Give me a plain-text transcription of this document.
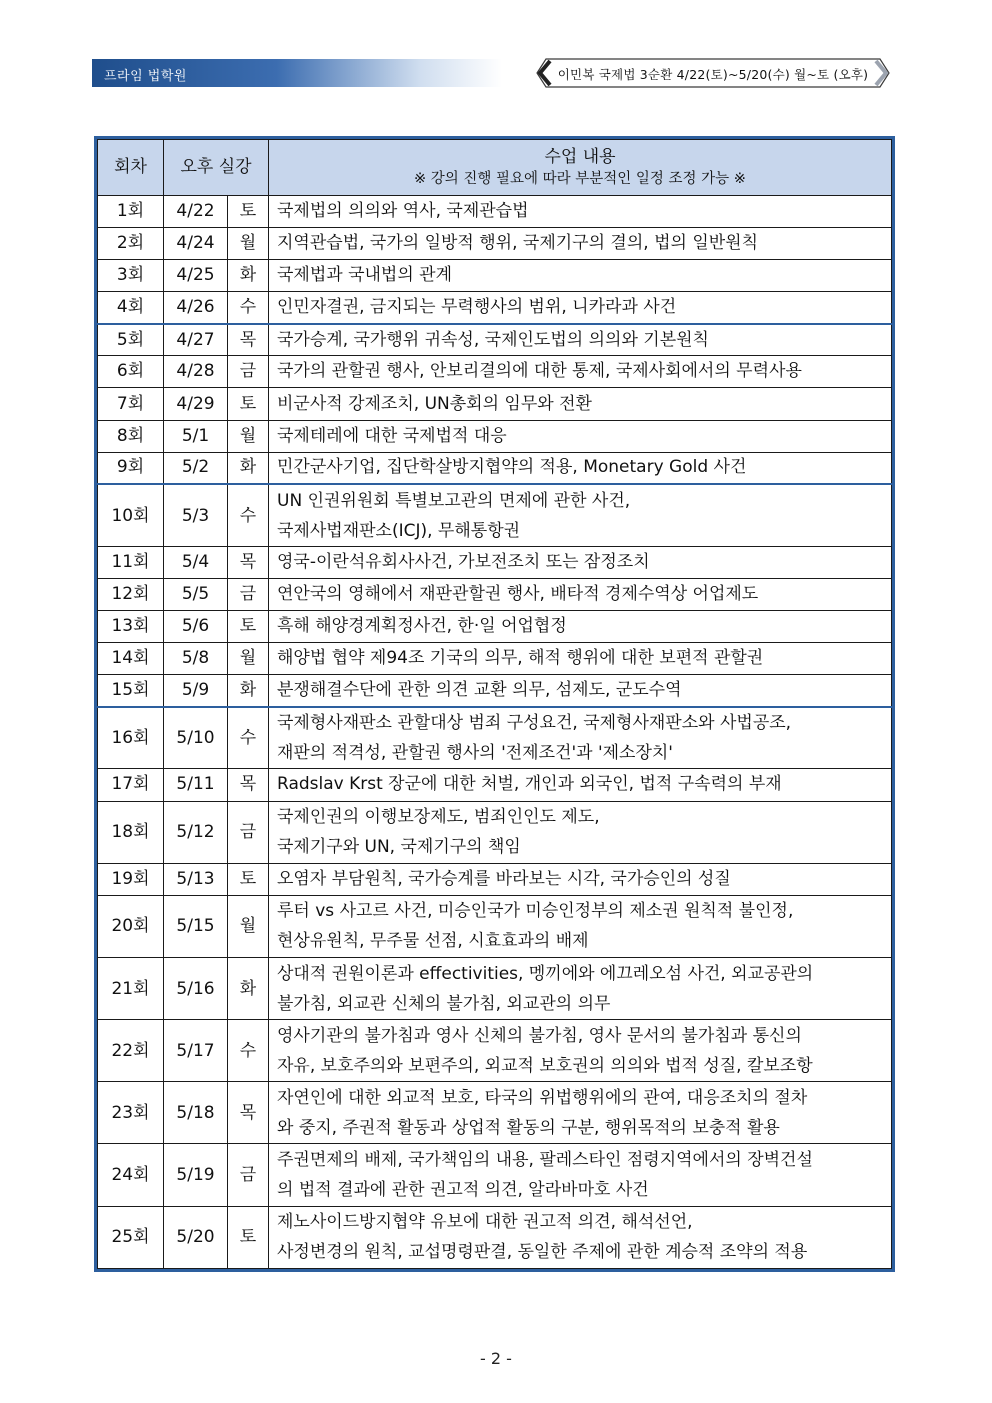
프라임 법학원	이민복 국제법 3순환 4/22(토)~5/20(수) 월~토 (오후)
회차	오후 실강		수업 내용
※ 강의 진행 필요에 따라 부분적인 일정 조정 가능 ※

1회	4/22	토	국제법의 의의와 역사, 국제관습법

2회	4/24	월	지역관습법, 국가의 일방적 행위, 국제기구의 결의, 법의 일반원칙

3회	4/25	화	국제법과 국내법의 관계

4회	4/26	수	인민자결권, 금지되는 무력행사의 범위, 니카라과 사건

5회	4/27	목	국가승계, 국가행위 귀속성, 국제인도법의 의의와 기본원칙

6회	4/28	금	국가의 관할권 행사, 안보리결의에 대한 통제, 국제사회에서의 무력사용

7회	4/29	토	비군사적 강제조치, UN총회의 임무와 전환

8회	5/1	월	국제테레에 대한 국제법적 대응

9회	5/2	화	민간군사기업, 집단학살방지협약의 적용, Monetary Gold 사건

10회	5/3	수	UN 인권위원회 특별보고관의 면제에 관한 사건,
국제사법재판소(ICJ), 무해통항권

11회	5/4	목	영국-이란석유회사사건, 가보전조치 또는 잠정조치

12회	5/5	금	연안국의 영해에서 재판관할권 행사, 배타적 경제수역상 어업제도

13회	5/6	토	흑해 해양경계획정사건, 한·일 어업협정

14회	5/8	월	해양법 협약 제94조 기국의 의무, 해적 행위에 대한 보편적 관할권

15회	5/9	화	분쟁해결수단에 관한 의견 교환 의무, 섬제도, 군도수역

16회	5/10	수	국제형사재판소 관할대상 범죄 구성요건, 국제형사재판소와 사법공조,
재판의 적격성, 관할권 행사의 '전제조건'과 '제소장치'

17회	5/11	목	Radslav Krst 장군에 대한 처벌, 개인과 외국인, 법적 구속력의 부재

18회	5/12	금	국제인권의 이행보장제도, 범죄인인도 제도,
국제기구와 UN, 국제기구의 책임

19회	5/13	토	오염자 부담원칙, 국가승계를 바라보는 시각, 국가승인의 성질

20회	5/15	월	루터 vs 사고르 사건, 미승인국가 미승인정부의 제소권 원칙적 불인정,
현상유원칙, 무주물 선점, 시효효과의 배제

21회	5/16	화	상대적 권원이론과 effectivities, 멩끼에와 에끄레오섬 사건, 외교공관의
불가침, 외교관 신체의 불가침, 외교관의 의무

22회	5/17	수	영사기관의 불가침과 영사 신체의 불가침, 영사 문서의 불가침과 통신의
자유, 보호주의와 보편주의, 외교적 보호권의 의의와 법적 성질, 칼보조항

23회	5/18	목	자연인에 대한 외교적 보호, 타국의 위법행위에의 관여, 대응조치의 절차
와 중지, 주권적 활동과 상업적 활동의 구분, 행위목적의 보충적 활용

24회	5/19	금	주권면제의 배제, 국가책임의 내용, 팔레스타인 점령지역에서의 장벽건설
의 법적 결과에 관한 권고적 의견, 알라바마호 사건

25회	5/20	토	제노사이드방지협약 유보에 대한 권고적 의견, 해석선언,
사정변경의 원칙, 교섭명령판결, 동일한 주제에 관한 계승적 조약의 적용
- 2 -
